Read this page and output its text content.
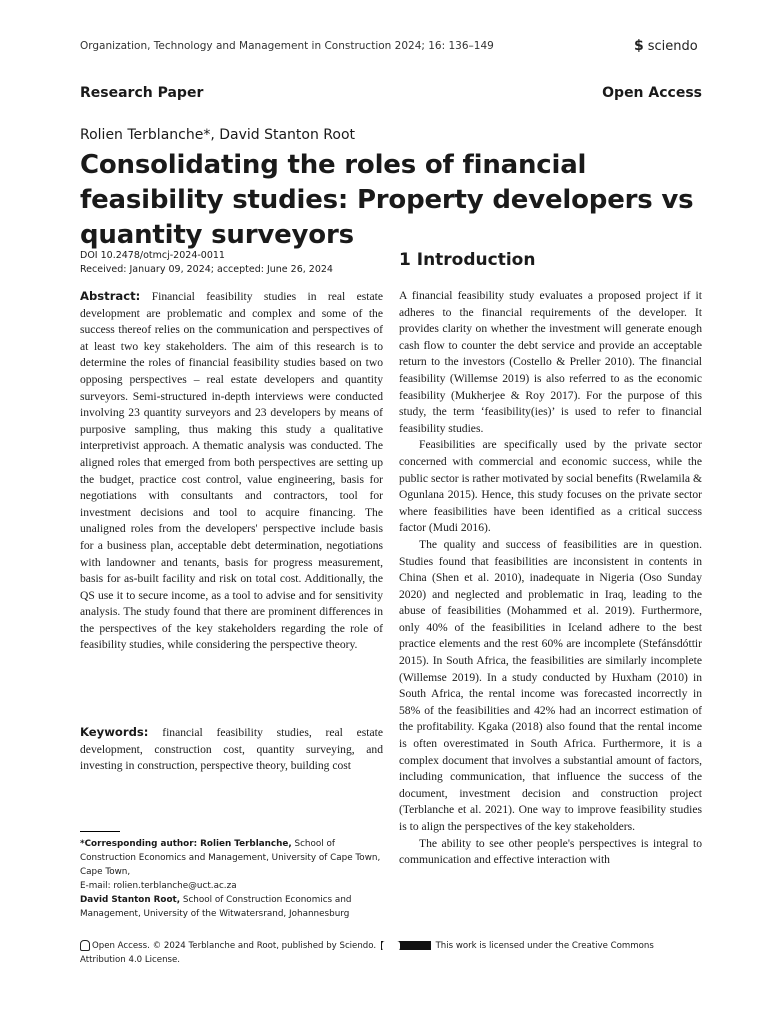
Organization, Technology and Management in Construction 2024; 16: 136–149	$ sciendo
Research Paper	Open Access
Rolien Terblanche*, David Stanton Root
Consolidating the roles of financial feasibility studies: Property developers vs quantity surveyors
DOI 10.2478/otmcj-2024-0011
Received: January 09, 2024; accepted: June 26, 2024	1 Introduction

Abstract: Financial feasibility studies in real estate development are problematic and complex and some of the success thereof relies on the communication and perspectives of at least two key stakeholders. The aim of this research is to determine the roles of financial feasibility studies based on two opposing perspectives – real estate developers and quantity surveyors. Semi-structured in-depth interviews were conducted involving 23 quantity surveyors and 23 developers by means of purposive sampling, thus making this study a qualitative interpretivist approach. A thematic analysis was conducted. The aligned roles that emerged from both perspectives are setting up the budget, practice cost control, value engineering, basis for negotiations with consultants and contractors, tool for investment decisions and tool to acquire financing. The unaligned roles from the developers' perspective include basis for a business plan, acceptable debt determination, negotiations with landowner and tenants, basis for progress measurement, basis for as-built facility and risk on total cost. Additionally, the QS use it to secure income, as a tool to advise and for sensitivity analysis. The study found that there are prominent differences in the perspectives of the key stakeholders regarding the role of feasibility studies, while considering the perspective theory.

Keywords: financial feasibility studies, real estate development, construction cost, quantity surveying, and investing in construction, perspective theory, building cost

*Corresponding author: Rolien Terblanche, School of Construction Economics and Management, University of Cape Town, Cape Town,
E-mail: rolien.terblanche@uct.ac.za
David Stanton Root, School of Construction Economics and Management, University of the Witwatersrand, Johannesburg

A financial feasibility study evaluates a proposed project if it adheres to the financial requirements of the developer. It provides clarity on whether the investment will generate enough cash flow to counter the debt service and provide an acceptable return to the investors (Costello & Preller 2010). The financial feasibility (Willemse 2019) is also referred to as the economic feasibility (Mukherjee & Roy 2017). For the purpose of this study, the term ‘feasibility(ies)’ is used to refer to financial feasibility studies.

Feasibilities are specifically used by the private sector concerned with commercial and economic success, while the public sector is rather motivated by social benefits (Rwelamila & Ogunlana 2015). Hence, this study focuses on the private sector where feasibilities have been identified as a critical success factor (Mudi 2016).

The quality and success of feasibilities are in question. Studies found that feasibilities are inconsistent in contents in China (Shen et al. 2010), inadequate in Nigeria (Oso Sunday 2020) and neglected and problematic in Iraq, leading to the abuse of feasibilities (Mohammed et al. 2019). Furthermore, only 40% of the feasibilities in Iceland adhere to the best practice elements and the rest 60% are incomplete (Stefánsdóttir 2015). In South Africa, the feasibilities are similarly incomplete (Willemse 2019). In a study conducted by Huxham (2010) in South Africa, the rental income was forecasted incorrectly in 58% of the feasibilities and 42% had an incorrect estimation of the profitability. Kgaka (2018) also found that the rental income is often overestimated in South Africa. Furthermore, it is a complex document that involves a substantial amount of factors, including communication, that influence the success of the document, investment decision and construction project (Terblanche et al. 2021). One way to improve feasibility studies is to align the perspectives of the key stakeholders.

The ability to see other people's perspectives is integral to communication and effective interaction with

Open Access. © 2024 Terblanche and Root, published by Sciendo.	This work is licensed under the Creative Commons Attribution 4.0 License.
